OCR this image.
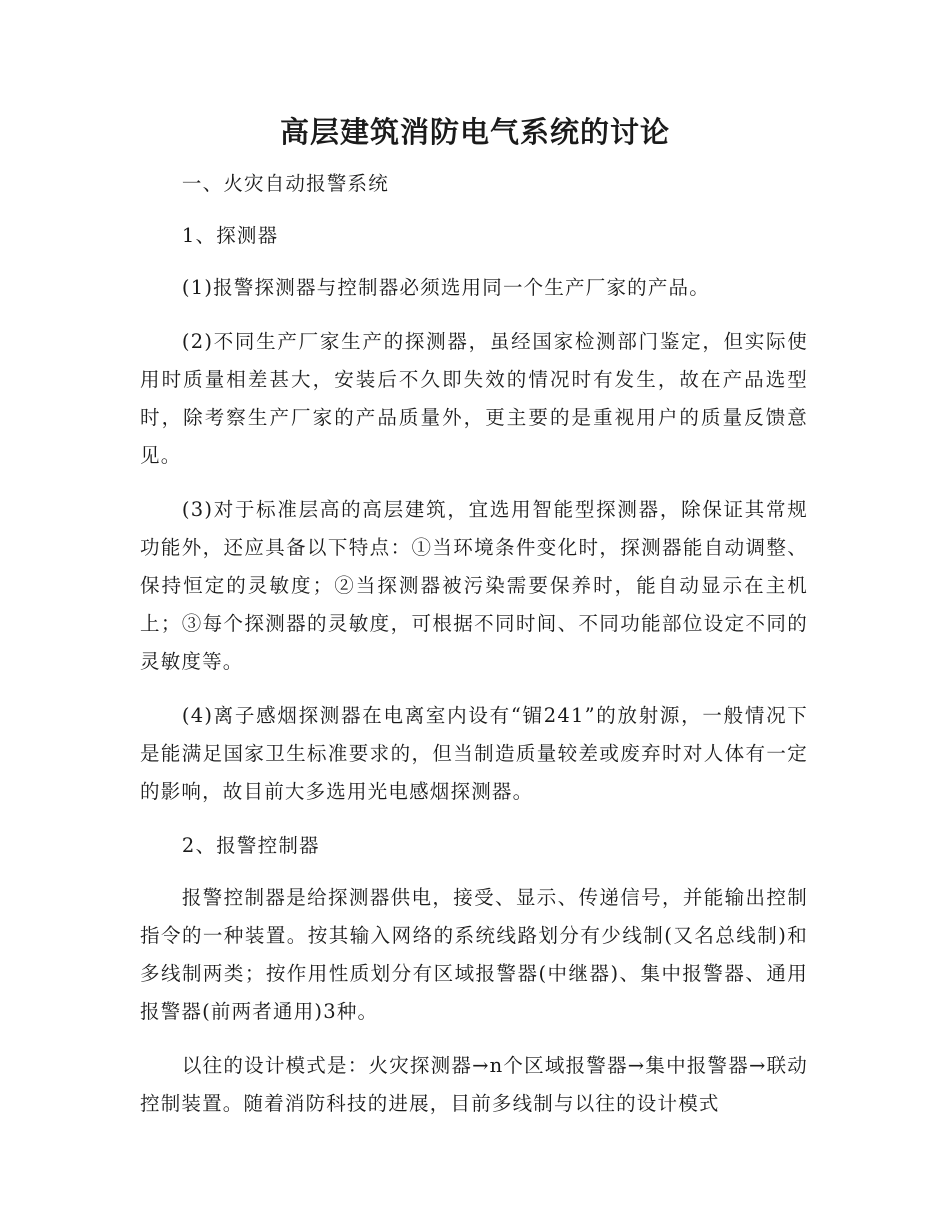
高层建筑消防电气系统的讨论

一、火灾自动报警系统

1、探测器

(1)报警探测器与控制器必须选用同一个生产厂家的产品。

(2)不同生产厂家生产的探测器，虽经国家检测部门鉴定，但实际使用时质量相差甚大，安装后不久即失效的情况时有发生，故在产品选型时，除考察生产厂家的产品质量外，更主要的是重视用户的质量反馈意见。

(3)对于标准层高的高层建筑，宜选用智能型探测器，除保证其常规功能外，还应具备以下特点：①当环境条件变化时，探测器能自动调整、保持恒定的灵敏度；②当探测器被污染需要保养时，能自动显示在主机上；③每个探测器的灵敏度，可根据不同时间、不同功能部位设定不同的灵敏度等。

(4)离子感烟探测器在电离室内设有“镅241”的放射源，一般情况下是能满足国家卫生标准要求的，但当制造质量较差或废弃时对人体有一定的影响，故目前大多选用光电感烟探测器。

2、报警控制器

报警控制器是给探测器供电，接受、显示、传递信号，并能输出控制指令的一种装置。按其输入网络的系统线路划分有少线制(又名总线制)和多线制两类；按作用性质划分有区域报警器(中继器)、集中报警器、通用报警器(前两者通用)3种。

以往的设计模式是：火灾探测器→n个区域报警器→集中报警器→联动控制装置。随着消防科技的进展，目前多线制与以往的设计模式
